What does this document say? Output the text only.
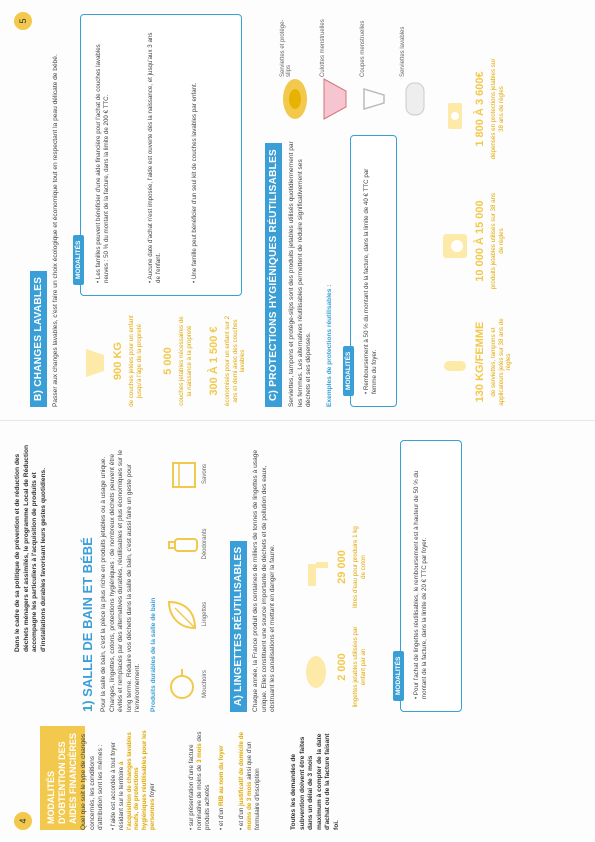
4
Dans le cadre de sa politique de prévention et de réduction des déchets ménagers et assimilés, le programme Local de Réduction accompagne les particuliers à l'acquisition de produits et d'installations durables favorisant leurs gestes quotidiens.
MODALITÉS D'OBTENTION DES AIDES FINANCIÈRES Quel que soit le type de changes concernés, les conditions d'attribution sont les mêmes : • l'aide est accordée à tout foyer résidant sur le territoire à l'acquisition de changes lavables neufs, de protections hygiéniques réutilisables pour les personnes foyer
• sur présentation d'une facture nominative de moins de 3 mois des produits achetés • et d'un RIB au nom du foyer
• et d'un justificatif de domicile de moins de 3 mois ainsi que d'un formulaire d'inscription	Toutes les demandes de subvention doivent être faites dans un délai de 3 mois maximum à compter de la date d'achat ou de la facture faisant foi.
1) SALLE DE BAIN ET BÉBÉ Pour la salle de bain, c'est la pièce la plus riche en produits jetables ou à usage unique. Changes, lingettes, cotons, protections hygiéniques : de nombreux déchets peuvent être évités et remplacés par des alternatives durables, réutilisables et plus économiques sur le long terme. Réduire vos déchets dans la salle de bain, c'est aussi faire un geste pour l'environnement. Produits durables de la salle de bain	Mouchoirs
Lingettes
Déodorants
Savons
A) LINGETTES RÉUTILISABLES	Chaque année, la France produit des centaines de milliers de tonnes de lingettes à usage unique. Elles constituent une source importante de déchets et de pollution des eaux, obstruant les canalisations et mettant en danger la faune.	2 000 lingettes jetables utilisées par enfant par an
29 000 litres d'eau pour produire 1 kg de coton
MODALITÉS
• Pour l'achat de lingettes réutilisables, le remboursement est à hauteur de 50 % du montant de la facture, dans la limite de 20 € TTC par foyer.
5
B) CHANGES LAVABLES	Passer aux changes lavables, c'est faire un choix écologique et économique tout en respectant la peau délicate de bébé.	900 KG de couches jetées pour un enfant jusqu'à l'âge de la propreté 5 000 couches jetables nécessaires de la naissance à la propreté 300 À 1 500 € économisés pour un enfant sur 2 ans et demi avec des couches lavables
MODALITÉS
• Les familles peuvent bénéficier d'une aide financière pour l'achat de couches lavables neuves : 50 % du montant de la facture, dans la limite de 200 € TTC.	• Aucune date d'achat n'est imposée, l'aide est ouverte dès la naissance, et jusqu'aux 3 ans de l'enfant.	• Une famille peut bénéficier d'un seul kit de couches lavables par enfant.	C) PROTECTIONS HYGIÉNIQUES RÉUTILISABLES	Serviettes, tampons et protège-slips sont des produits jetables utilisés quotidiennement par les femmes. Les alternatives réutilisables permettent de réduire significativement ses déchets et ses dépenses. Exemples de protections réutilisables :
Serviettes et protège-slips	Culottes menstruelles	Coupes menstruelles	Serviettes lavables
MODALITÉS
• Remboursement à 50 % du montant de la facture, dans la limite de 40 € TTC par femme du foyer.	130 KG/FEMME de serviettes, tampons et applicateurs jetés sur 38 ans de règles
10 000 À 15 000 produits jetables utilisés sur 38 ans de règles
1 800 À 3 600€ dépensés en protections jetables sur 38 ans de règles
